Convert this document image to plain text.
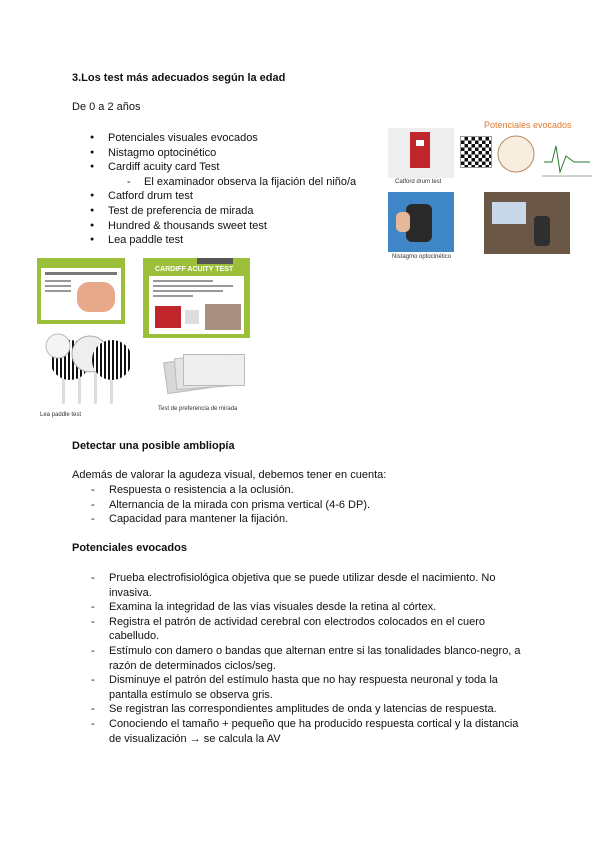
3.Los test más adecuados según la edad
De 0 a 2 años
● Potenciales visuales evocados
● Nistagmo optocinético
● Cardiff acuity card Test
- El examinador observa la fijación del niño/a
● Catford drum test
● Test de preferencia de mirada
● Hundred & thousands sweet test
● Lea paddle test
Potenciales evocados
Catford drum test
Nistagmo optocinético
CARDIFF ACUITY TEST
Lea paddle test
Test de preferencia de mirada
Detectar una posible ambliopía
Además de valorar la agudeza visual, debemos tener en cuenta:
- Respuesta o resistencia a la oclusión.
- Alternancia de la mirada con prisma vertical (4-6 DP).
- Capacidad para mantener la fijación.
Potenciales evocados
- Prueba electrofisiológica objetiva que se puede utilizar desde el nacimiento. No
invasiva.
- Examina la integridad de las vías visuales desde la retina al córtex.
- Registra el patrón de actividad cerebral con electrodos colocados en el cuero
cabelludo.
- Estímulo con damero o bandas que alternan entre si las tonalidades blanco-negro, a
razón de determinados ciclos/seg.
- Disminuye el patrón del estímulo hasta que no hay respuesta neuronal y toda la
pantalla estímulo se observa gris.
- Se registran las correspondientes amplitudes de onda y latencias de respuesta.
- Conociendo el tamaño + pequeño que ha producido respuesta cortical y la distancia
de visualización → se calcula la AV
